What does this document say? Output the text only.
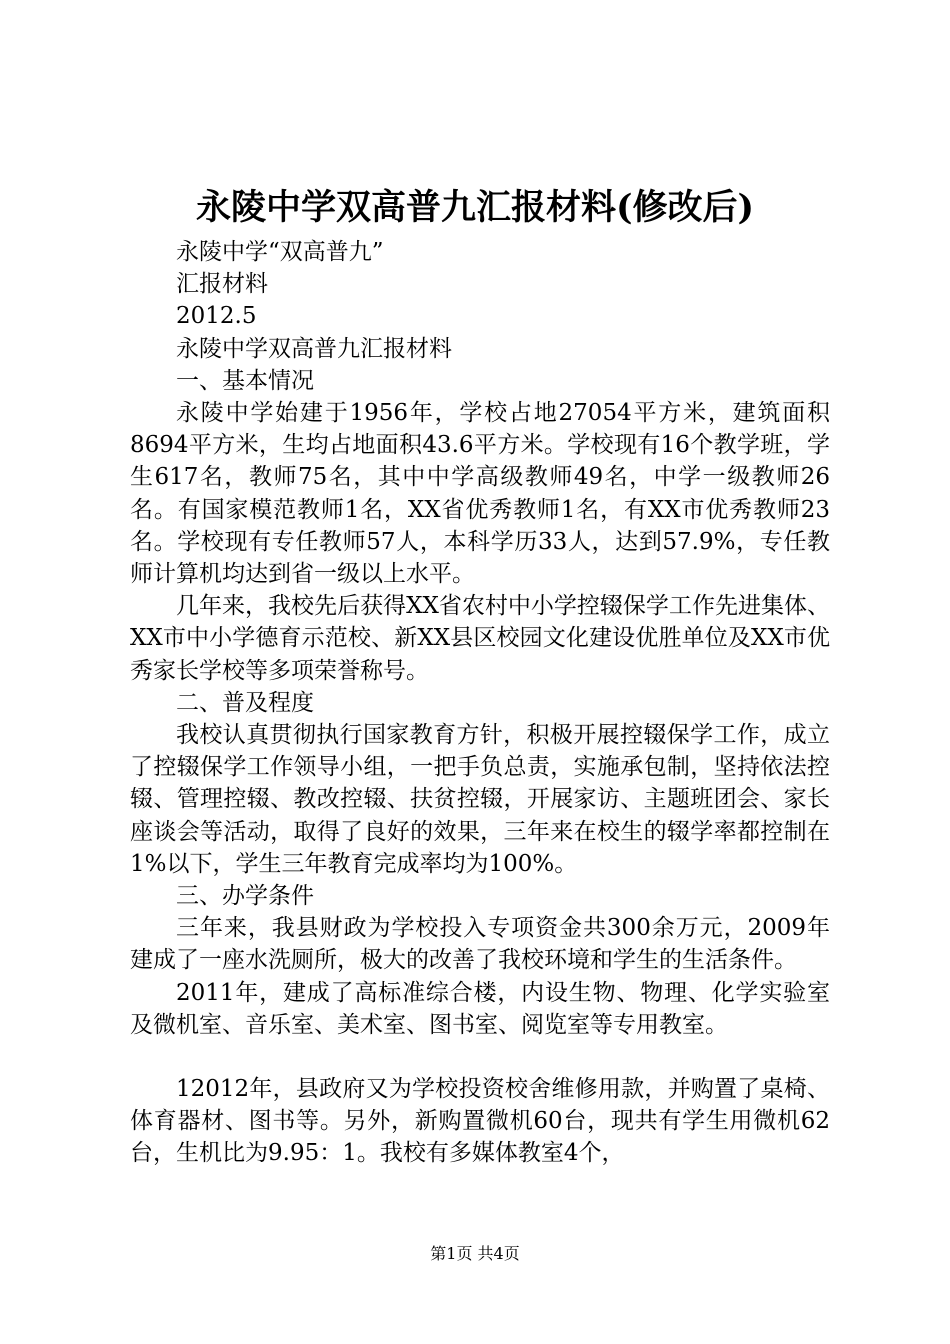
永陵中学双高普九汇报材料(修改后)

永陵中学“双高普九”

汇报材料

2012.5

永陵中学双高普九汇报材料

一、基本情况

永陵中学始建于1956年，学校占地27054平方米，建筑面积8694平方米，生均占地面积43.6平方米。学校现有16个教学班，学生617名，教师75名，其中中学高级教师49名，中学一级教师26名。有国家模范教师1名，XX省优秀教师1名，有XX市优秀教师23名。学校现有专任教师57人，本科学历33人，达到57.9%，专任教师计算机均达到省一级以上水平。

几年来，我校先后获得XX省农村中小学控辍保学工作先进集体、XX市中小学德育示范校、新XX县区校园文化建设优胜单位及XX市优秀家长学校等多项荣誉称号。

二、普及程度

我校认真贯彻执行国家教育方针，积极开展控辍保学工作，成立了控辍保学工作领导小组，一把手负总责，实施承包制，坚持依法控辍、管理控辍、教改控辍、扶贫控辍，开展家访、主题班团会、家长座谈会等活动，取得了良好的效果，三年来在校生的辍学率都控制在1%以下，学生三年教育完成率均为100%。

三、办学条件

三年来，我县财政为学校投入专项资金共300余万元，2009年建成了一座水洗厕所，极大的改善了我校环境和学生的生活条件。

2011年，建成了高标准综合楼，内设生物、物理、化学实验室及微机室、音乐室、美术室、图书室、阅览室等专用教室。

12012年，县政府又为学校投资校舍维修用款，并购置了桌椅、体育器材、图书等。另外，新购置微机60台，现共有学生用微机62台，生机比为9.95：1。我校有多媒体教室4个，

第1页 共4页
